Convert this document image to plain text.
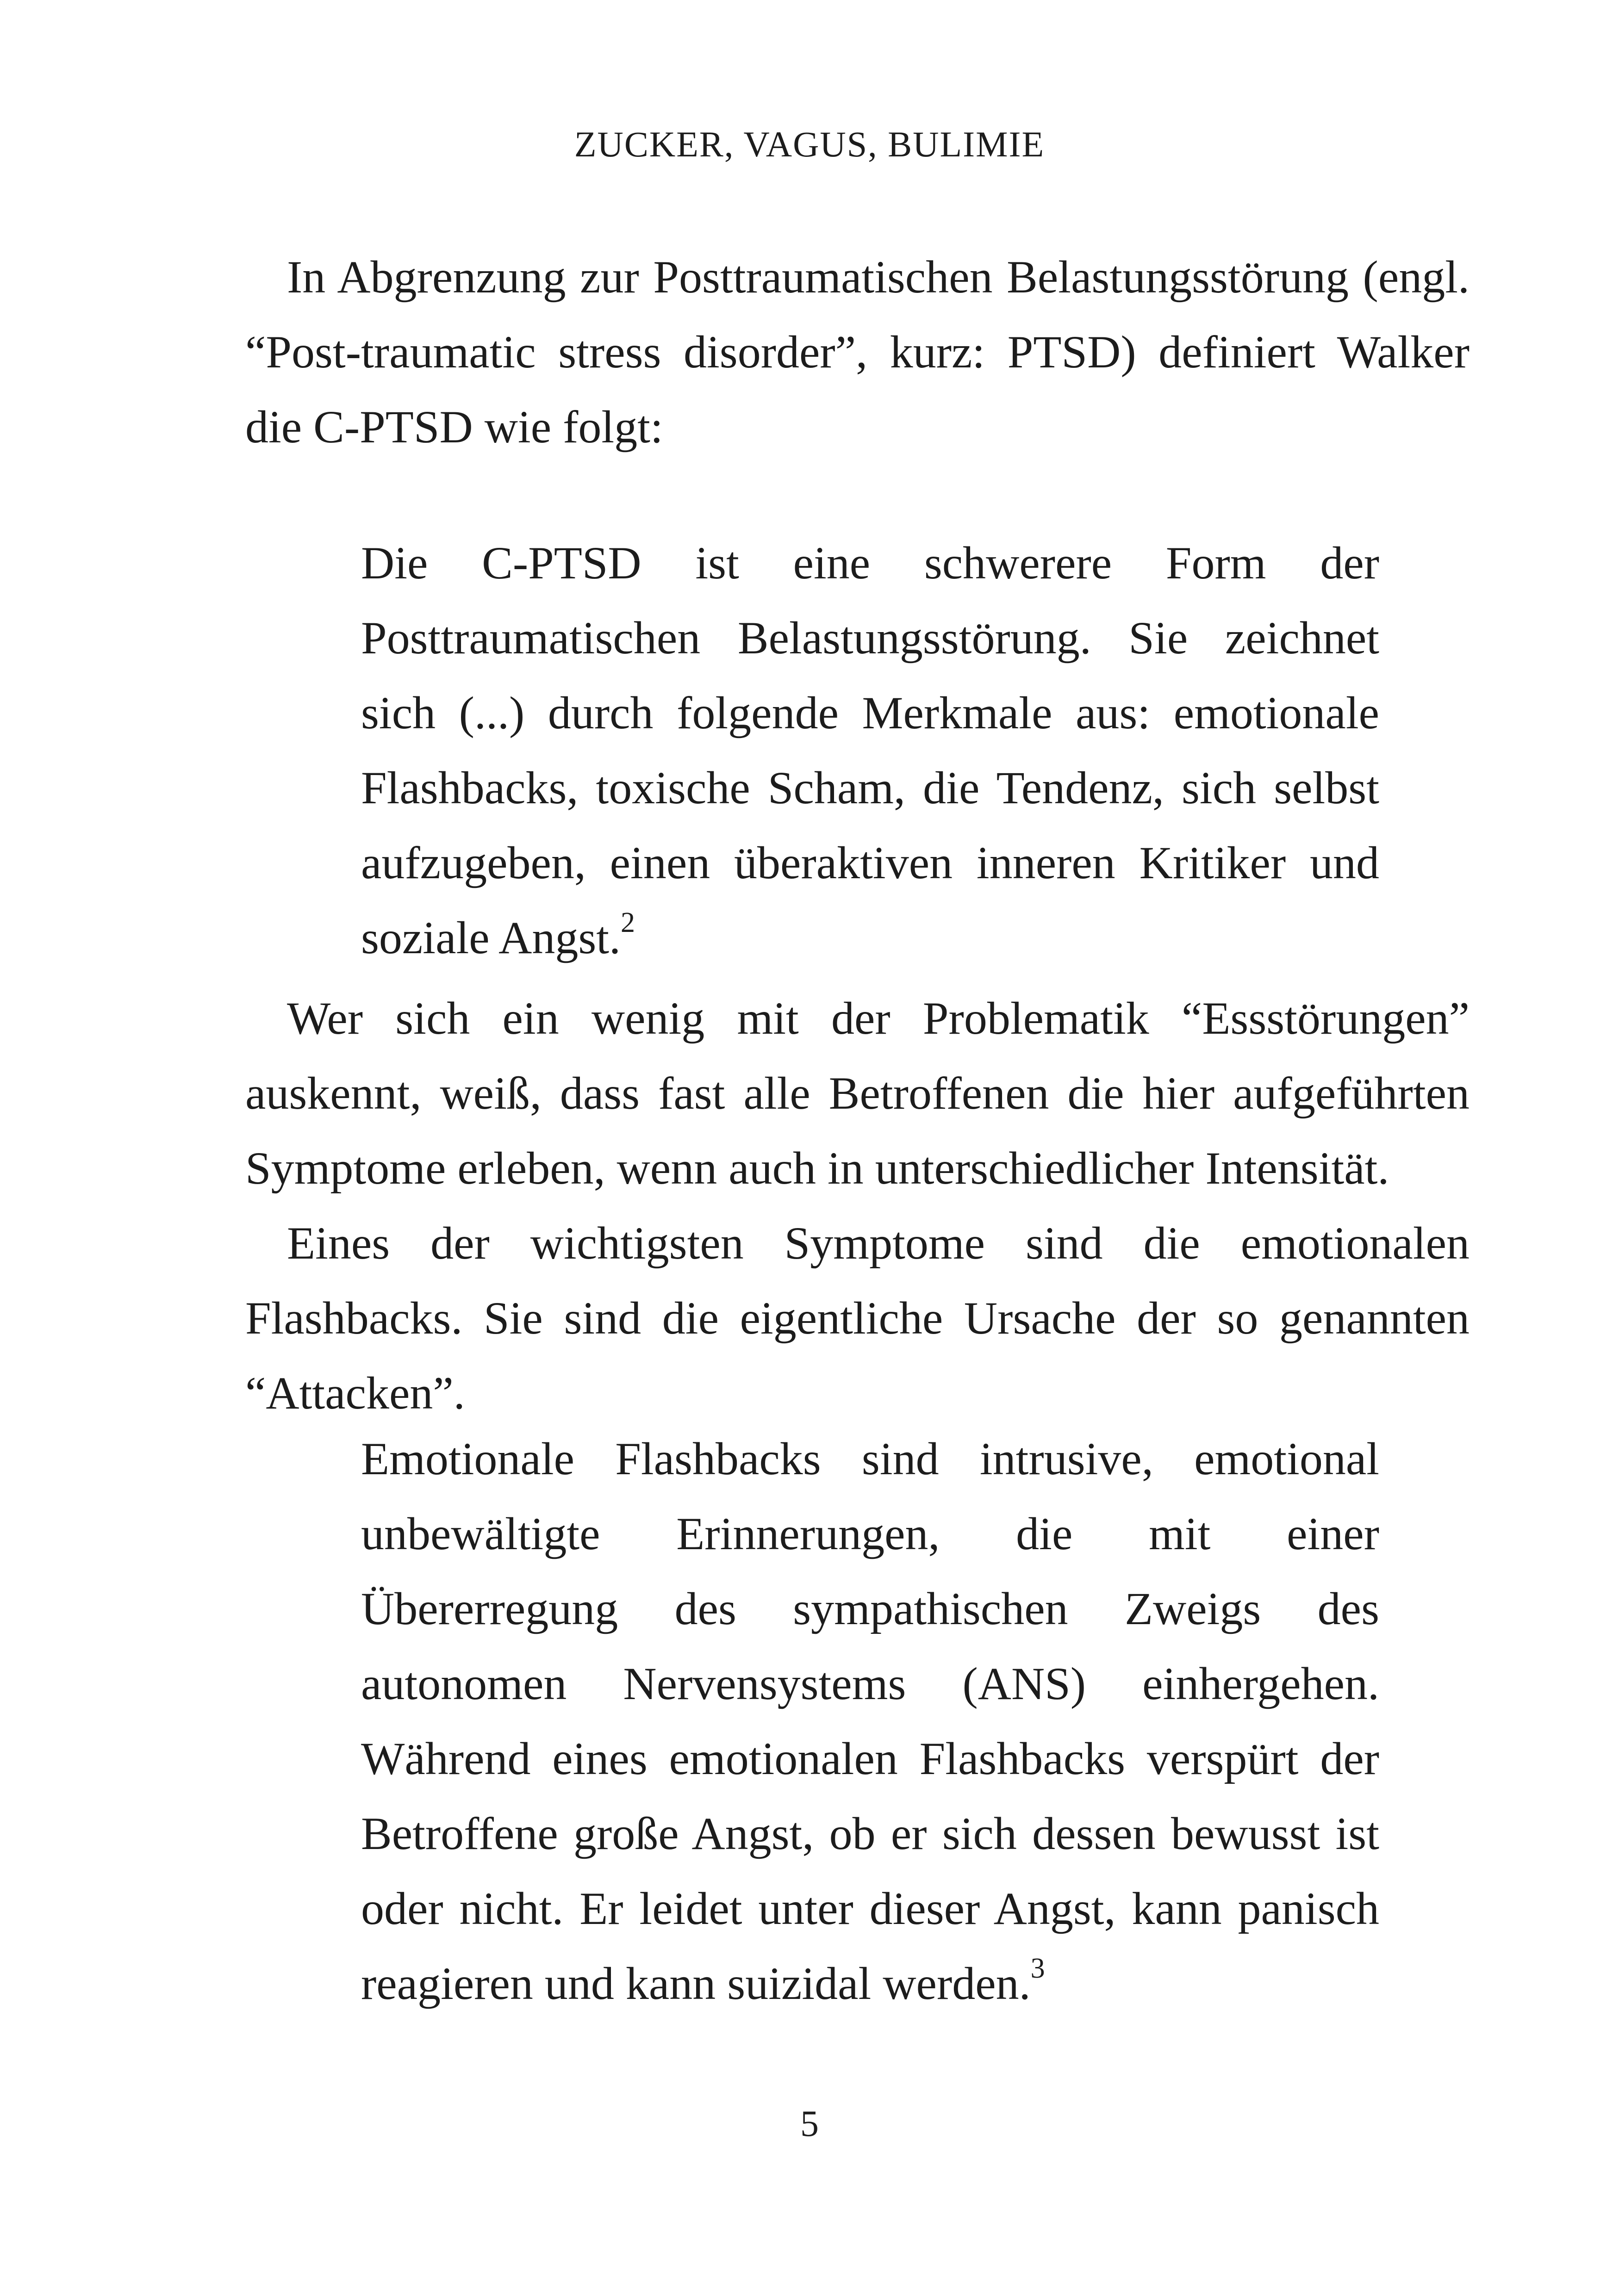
ZUCKER, VAGUS, BULIMIE

In Abgrenzung zur Posttraumatischen Belastungsstörung (engl. “Post-traumatic stress disorder”, kurz: PTSD) definiert Walker die C-PTSD wie folgt:

Die C-PTSD ist eine schwerere Form der Posttraumatischen Belastungsstörung. Sie zeichnet sich (...) durch folgende Merkmale aus: emotionale Flashbacks, toxische Scham, die Tendenz, sich selbst aufzugeben, einen überaktiven inneren Kritiker und soziale Angst.$^2$

Wer sich ein wenig mit der Problematik “Essstörungen” auskennt, weiß, dass fast alle Betroffenen die hier aufgeführten Symptome erleben, wenn auch in unterschiedlicher Intensität.

Eines der wichtigsten Symptome sind die emotionalen Flashbacks. Sie sind die eigentliche Ursache der so genannten “Attacken”.

Emotionale Flashbacks sind intrusive, emotional unbewältigte Erinnerungen, die mit einer Übererregung des sympathischen Zweigs des autonomen Nervensystems (ANS) einhergehen. Während eines emotionalen Flashbacks verspürt der Betroffene große Angst, ob er sich dessen bewusst ist oder nicht. Er leidet unter dieser Angst, kann panisch reagieren und kann suizidal werden.$^3$

5
